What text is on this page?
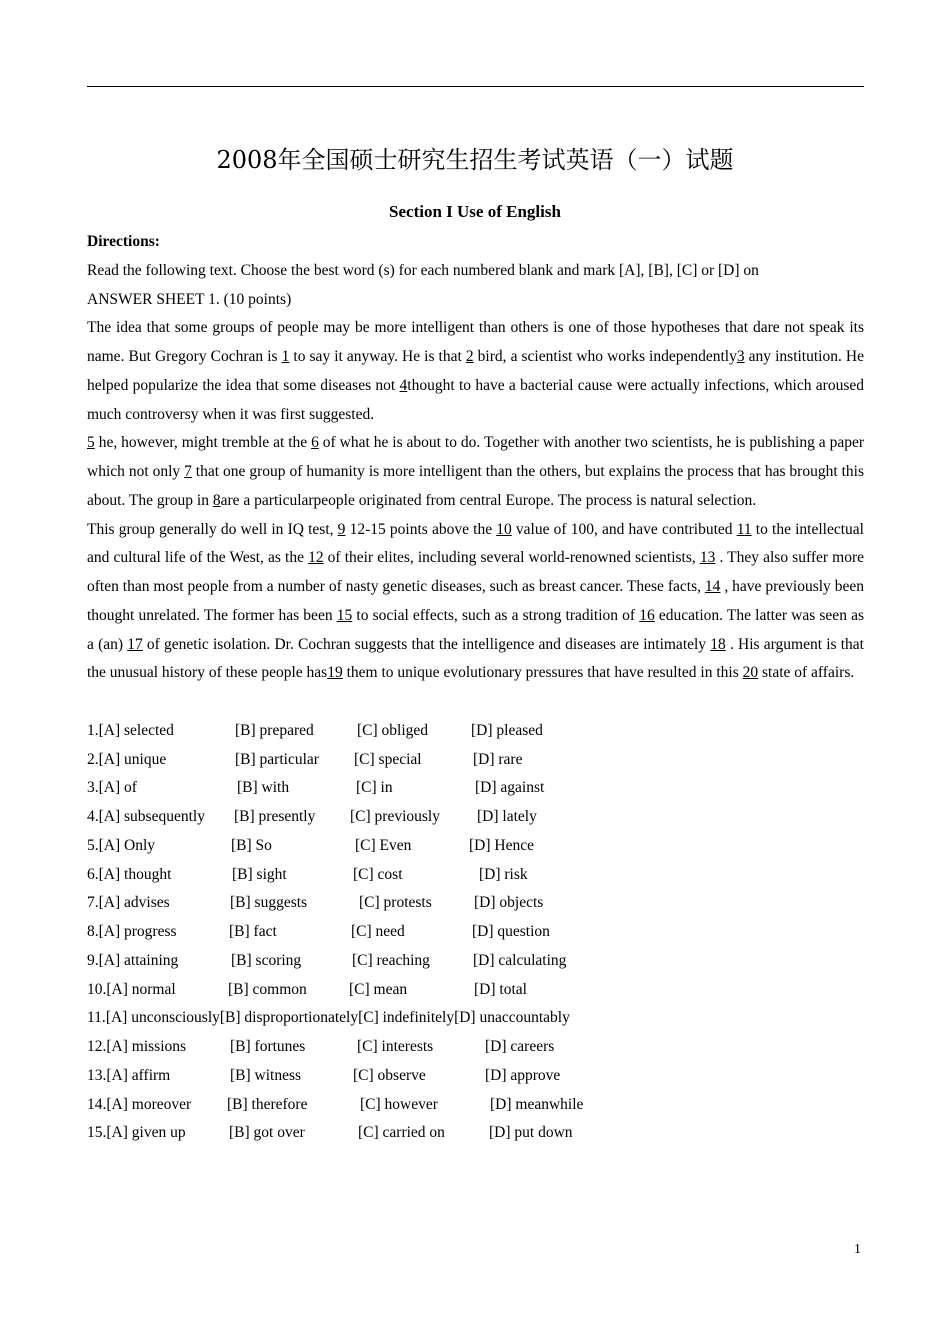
2008年全国硕士研究生招生考试英语（一）试题
Section I Use of English

Directions:

Read the following text. Choose the best word (s) for each numbered blank and mark [A], [B], [C] or [D] on

ANSWER SHEET 1. (10 points)

The idea that some groups of people may be more intelligent than others is one of those hypotheses that dare not speak its name. But Gregory Cochran is 1 to say it anyway. He is that 2 bird, a scientist who works independently3 any institution. He helped popularize the idea that some diseases not 4thought to have a bacterial cause were actually infections, which aroused much controversy when it was first suggested.

5 he, however, might tremble at the 6 of what he is about to do. Together with another two scientists, he is publishing a paper which not only 7 that one group of humanity is more intelligent than the others, but explains the process that has brought this about. The group in 8are a particularpeople originated from central Europe. The process is natural selection.

This group generally do well in IQ test, 9 12-15 points above the 10 value of 100, and have contributed 11 to the intellectual and cultural life of the West, as the 12 of their elites, including several world-renowned scientists, 13 . They also suffer more often than most people from a number of nasty genetic diseases, such as breast cancer. These facts, 14 , have previously been thought unrelated. The former has been 15 to social effects, such as a strong tradition of 16 education. The latter was seen as a (an) 17 of genetic isolation. Dr. Cochran suggests that the intelligence and diseases are intimately 18 . His argument is that the unusual history of these people has19 them to unique evolutionary pressures that have resulted in this 20 state of affairs.

1.[A] selected	[B] prepared	[C] obliged	[D] pleased
2.[A] unique	[B] particular [C] special	[D] rare
3.[A] of	[B] with	[C] in	[D] against
4.[A] subsequently [B] presently [C] previously [D] lately
5.[A] Only	[B] So	[C] Even	[D] Hence
6.[A] thought	[B] sight	[C] cost	[D] risk
7.[A] advises	[B] suggests	[C] protests	[D] objects
8.[A] progress	[B] fact	[C] need	[D] question
9.[A] attaining	[B] scoring	[C] reaching	[D] calculating
10.[A] normal	[B] common	[C] mean	[D] total
11.[A] unconsciously[B] disproportionately[C] indefinitely[D] unaccountably
12.[A] missions	[B] fortunes	[C] interests	[D] careers
13.[A] affirm	[B] witness	[C] observe	[D] approve
14.[A] moreover [B] therefore	[C] however	[D] meanwhile
15.[A] given up	[B] got over	[C] carried on	[D] put down
1
